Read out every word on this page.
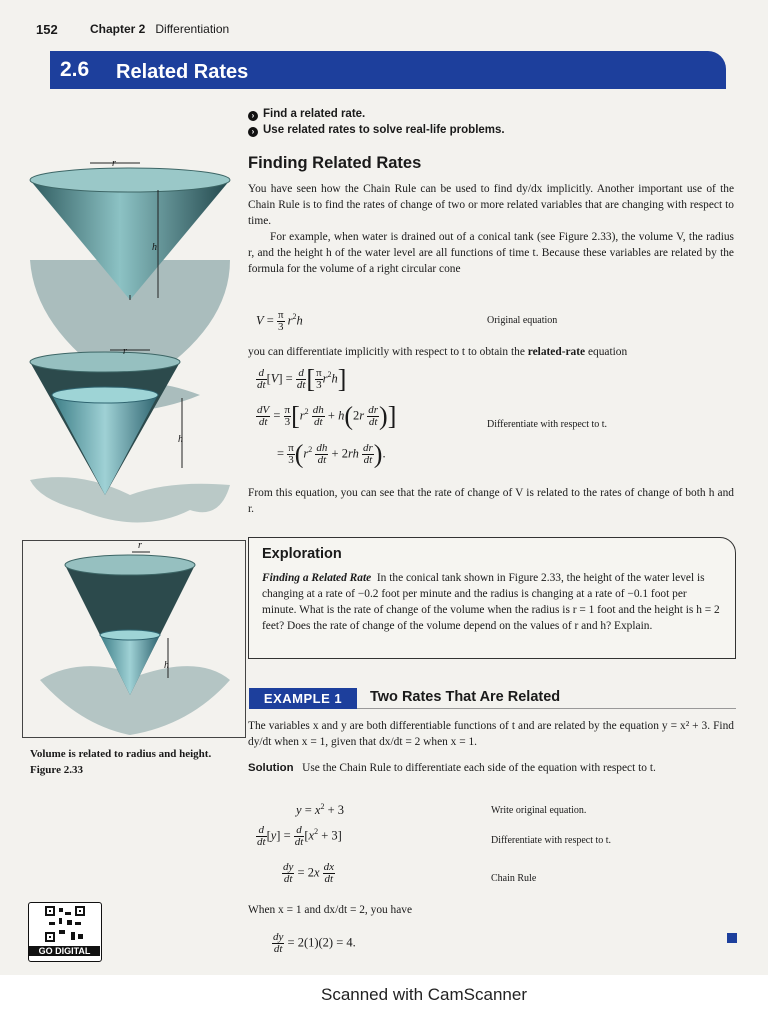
152	Chapter 2 Differentiation
2.6 Related Rates
› Find a related rate.
› Use related rates to solve real-life problems.
Finding Related Rates
You have seen how the Chain Rule can be used to find dy/dx implicitly. Another important use of the Chain Rule is to find the rates of change of two or more related variables that are changing with respect to time.
For example, when water is drained out of a conical tank (see Figure 2.33), the volume V, the radius r, and the height h of the water level are all functions of time t. Because these variables are related by the formula for the volume of a right circular cone
$V = \frac{\pi}{3} r^2h$	Original equation
you can differentiate implicitly with respect to t to obtain the related-rate equation
$\frac{d}{dt} [V] = \frac{d}{dt}$ [ $\frac{\pi}{3} r^2h$]
$\frac{dV}{dt} = \frac{\pi}{3} [r^2 \frac{dh}{dt} + h(2r \frac{dr}{dt}$ )]	Differentiate with respect to t.
= $\frac{\pi}{3} (r^2 \frac{dh}{dt} + 2rh \frac{dr}{dt}$ ).
From this equation, you can see that the rate of change of V is related to the rates of change of both h and r.
Exploration
Finding a Related Rate In the conical tank shown in Figure 2.33, the height of the water level is changing at a rate of −0.2 foot per minute and the radius is changing at a rate of −0.1 foot per minute. What is the rate of change of the volume when the radius is r = 1 foot and the height is h = 2 feet? Does the rate of change of the volume depend on the values of r and h? Explain.
EXAMPLE 1	Two Rates That Are Related
The variables x and y are both differentiable functions of t and are related by the equation y = x² + 3. Find dy/dt when x = 1, given that dx/dt = 2 when x = 1.
Solution Use the Chain Rule to differentiate each side of the equation with respect to t.
$y = x^2 + 3$	Write original equation.
$\frac{d}{dt} [y] = \frac{d}{dt} [x^2 + 3]$	Differentiate with respect to t.
$\frac{dy}{dt} = 2x \frac{dx}{dt}$	Chain Rule
When x = 1 and dx/dt = 2, you have
$\frac{dy}{dt} = 2(1)(2) = 4$.
r
h
r
h
r
h
Volume is related to radius and height.
Figure 2.33
GO DIGITAL
Scanned with CamScanner
